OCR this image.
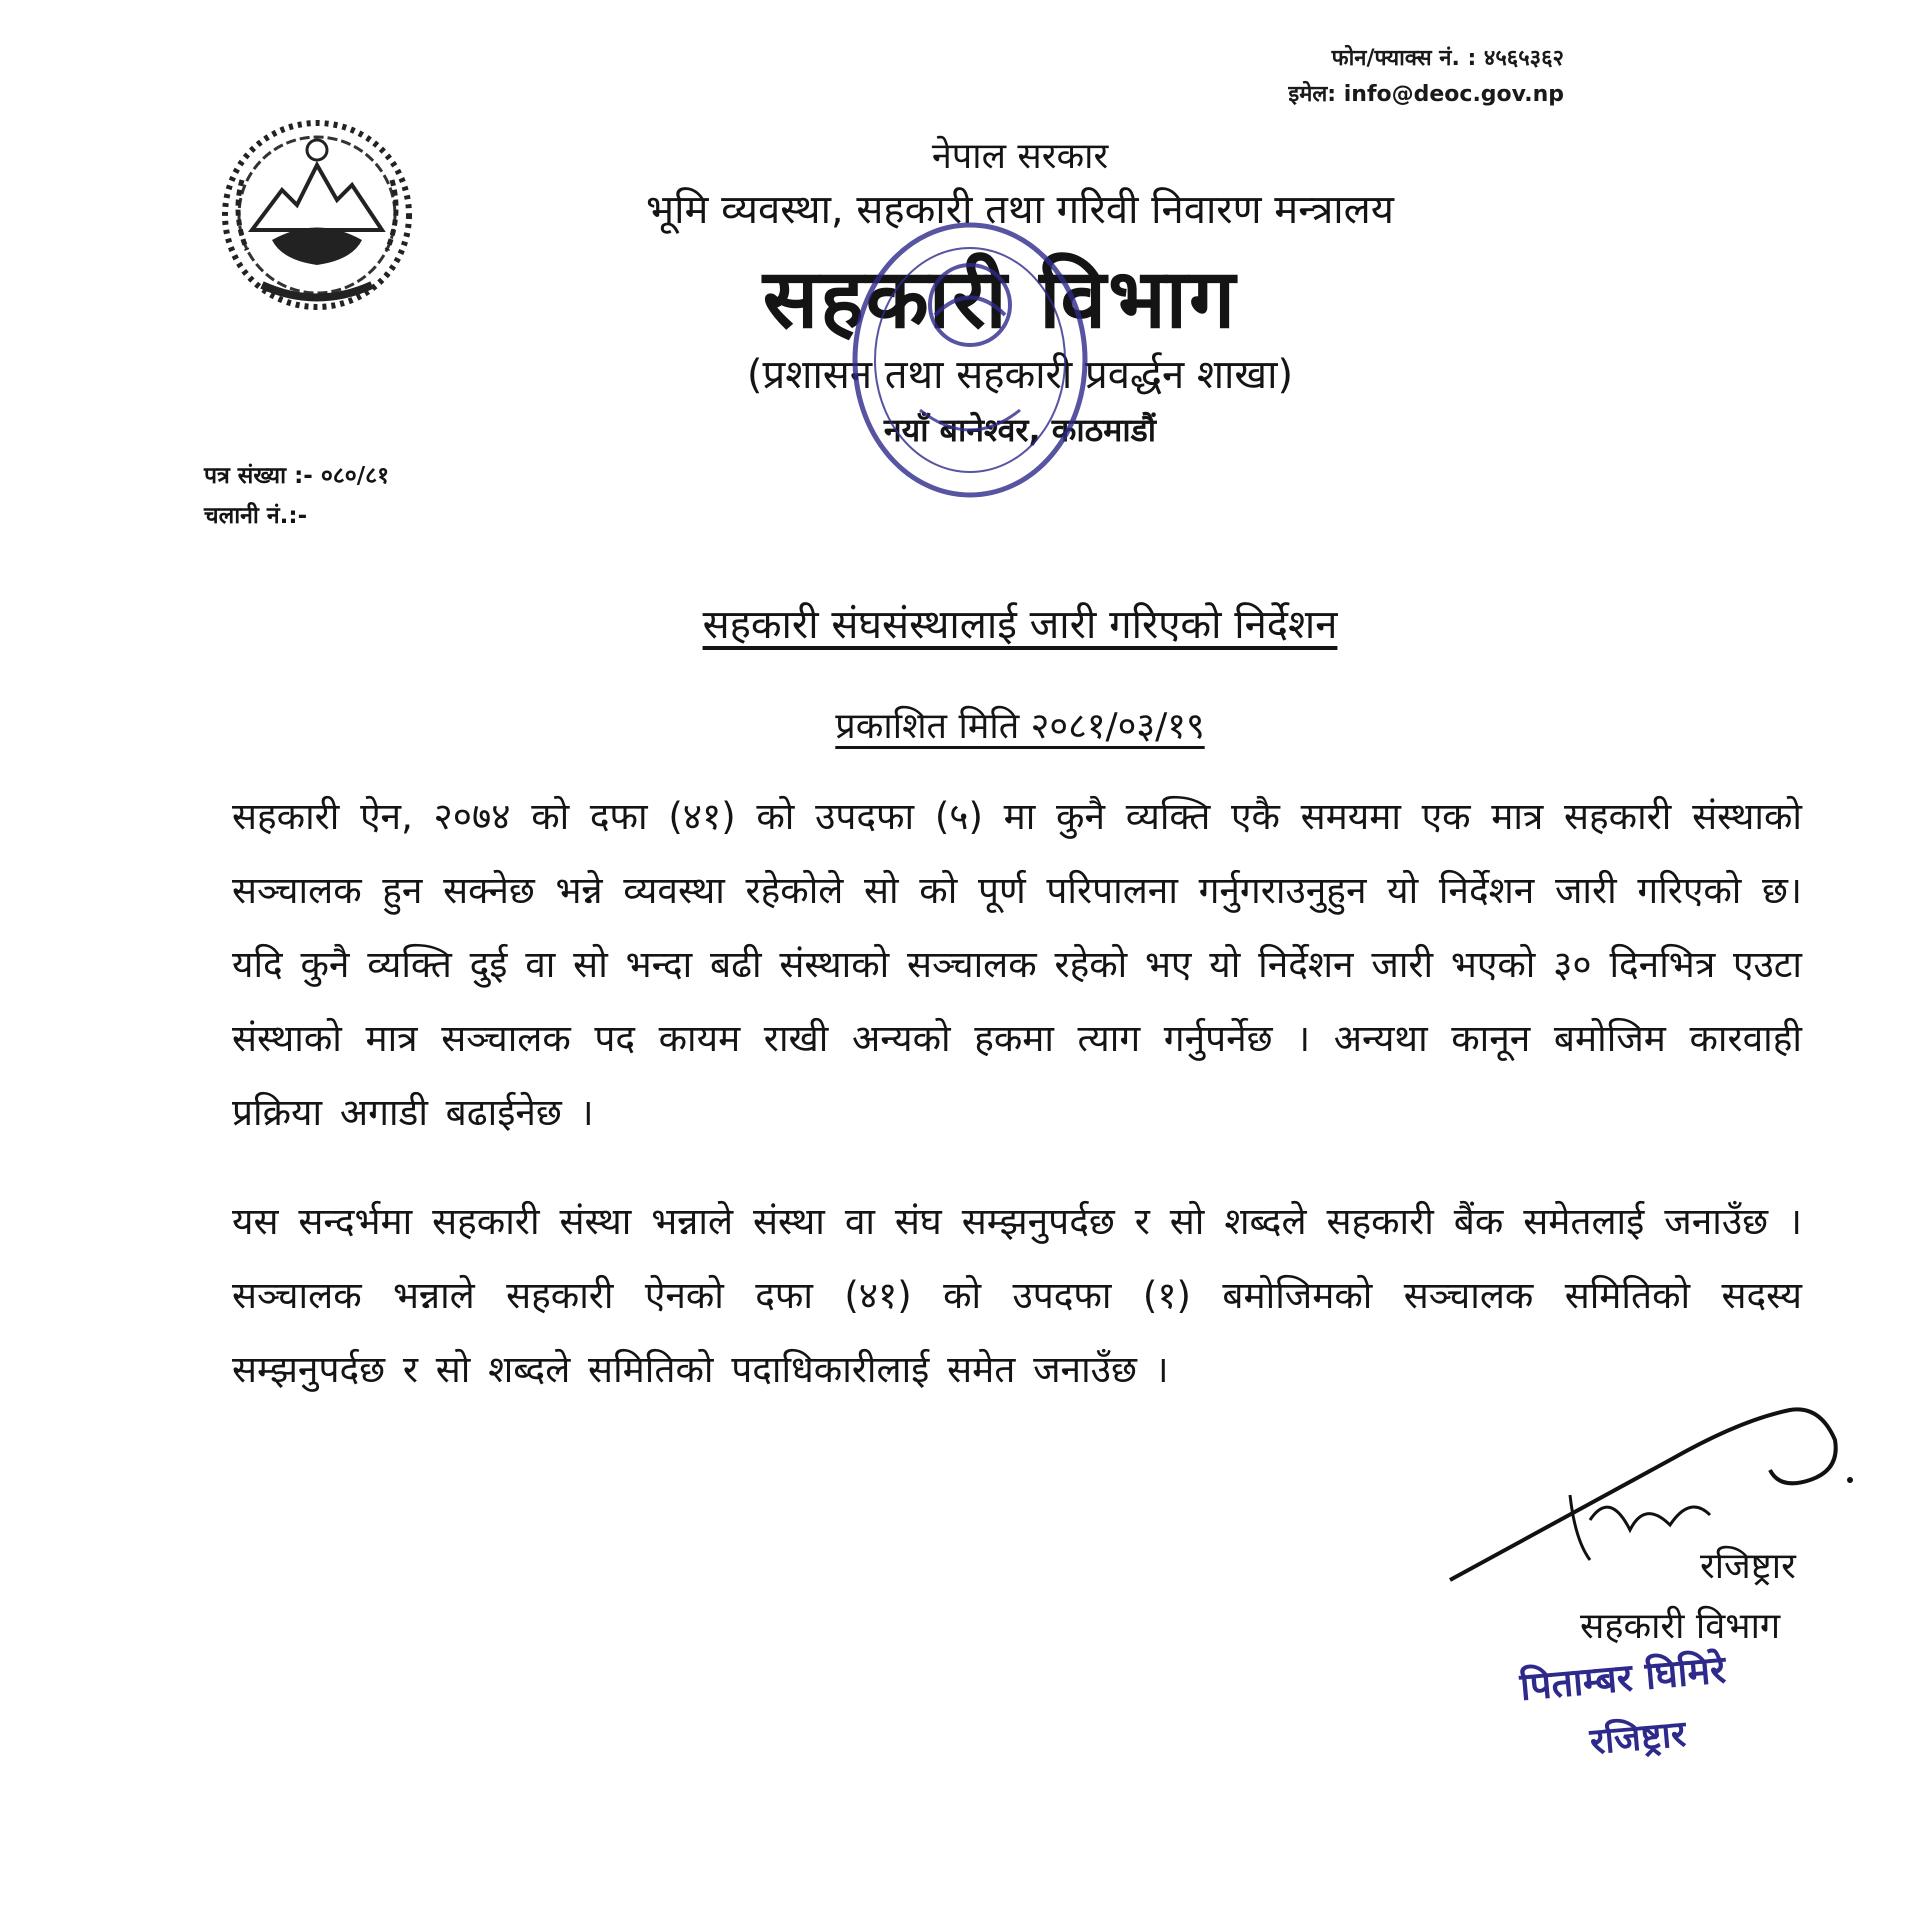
फोन/फ्याक्स नं. : ४५६५३६२
इमेल: info@deoc.gov.np
नेपाल सरकार
भूमि व्यवस्था, सहकारी तथा गरिवी निवारण मन्त्रालय
सहकारी विभाग
(प्रशासन तथा सहकारी प्रवर्द्धन शाखा)
नयाँ बानेश्वर, काठमाडौं
पत्र संख्या :- ०८०/८१
चलानी नं.:-
सहकारी संघसंस्थालाई जारी गरिएको निर्देशन
प्रकाशित मिति २०८१/०३/१९
सहकारी ऐन, २०७४ को दफा (४१) को उपदफा (५) मा कुनै व्यक्ति एकै समयमा एक मात्र सहकारी संस्थाको सञ्चालक हुन सक्नेछ भन्ने व्यवस्था रहेकोले सो को पूर्ण परिपालना गर्नुगराउनुहुन यो निर्देशन जारी गरिएको छ। यदि कुनै व्यक्ति दुई वा सो भन्दा बढी संस्थाको सञ्चालक रहेको भए यो निर्देशन जारी भएको ३० दिनभित्र एउटा संस्थाको मात्र सञ्चालक पद कायम राखी अन्यको हकमा त्याग गर्नुपर्नेछ । अन्यथा कानून बमोजिम कारवाही प्रक्रिया अगाडी बढाईनेछ ।
यस सन्दर्भमा सहकारी संस्था भन्नाले संस्था वा संघ सम्झनुपर्दछ र सो शब्दले सहकारी बैंक समेतलाई जनाउँछ । सञ्चालक भन्नाले सहकारी ऐनको दफा (४१) को उपदफा (१) बमोजिमको सञ्चालक समितिको सदस्य सम्झनुपर्दछ र सो शब्दले समितिको पदाधिकारीलाई समेत जनाउँछ ।
रजिष्ट्रार
सहकारी विभाग
पिताम्बर घिमिरे
रजिष्ट्रार
